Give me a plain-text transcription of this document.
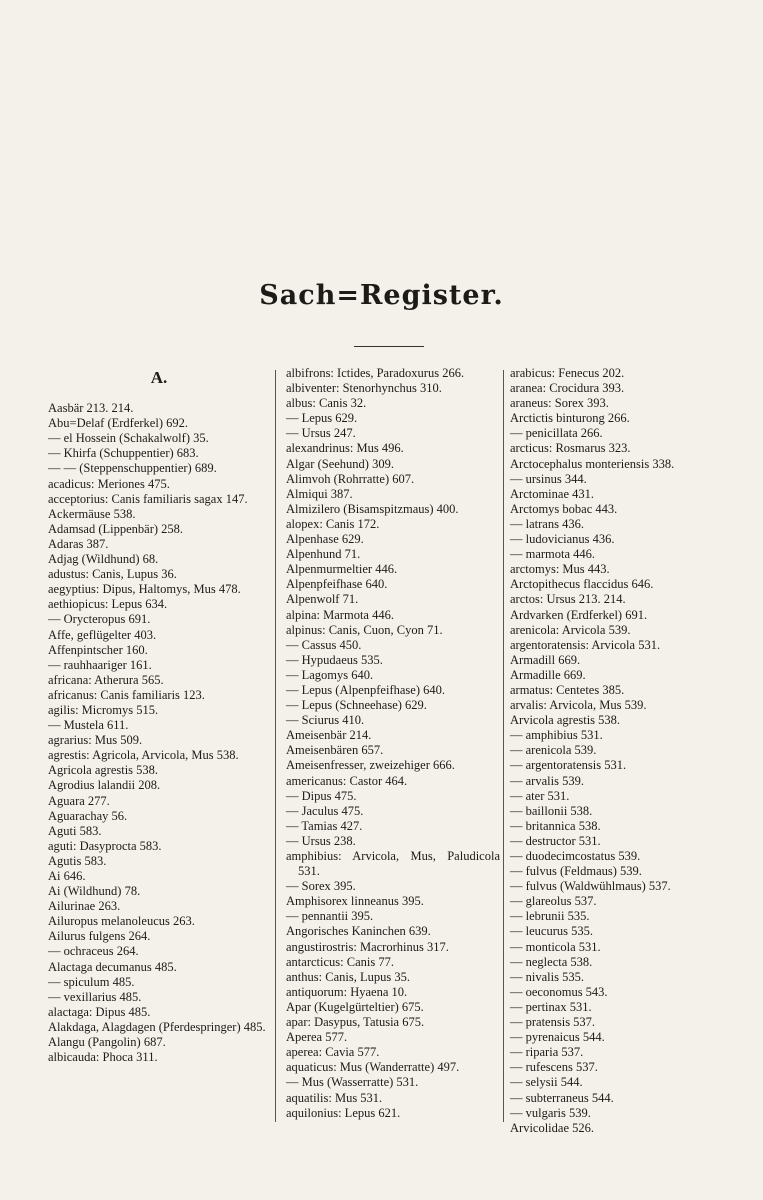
Sach=Register.
A.

Aasbär 213. 214.

Abu=Delaf (Erdferkel) 692.

— el Hossein (Schakalwolf) 35.

— Khirfa (Schuppentier) 683.

— — (Steppenschuppentier) 689.

acadicus: Meriones 475.

acceptorius: Canis familiaris sagax 147.

Ackermäuse 538.

Adamsad (Lippenbär) 258.

Adaras 387.

Adjag (Wildhund) 68.

adustus: Canis, Lupus 36.

aegyptius: Dipus, Haltomys, Mus 478.

aethiopicus: Lepus 634.

— Orycteropus 691.

Affe, geflügelter 403.

Affenpintscher 160.

— rauhhaariger 161.

africana: Atherura 565.

africanus: Canis familiaris 123.

agilis: Micromys 515.

— Mustela 611.

agrarius: Mus 509.

agrestis: Agricola, Arvicola, Mus 538.

Agricola agrestis 538.

Agrodius lalandii 208.

Aguara 277.

Aguarachay 56.

Aguti 583.

aguti: Dasyprocta 583.

Agutis 583.

Ai 646.

Ai (Wildhund) 78.

Ailurinae 263.

Ailuropus melanoleucus 263.

Ailurus fulgens 264.

— ochraceus 264.

Alactaga decumanus 485.

— spiculum 485.

— vexillarius 485.

alactaga: Dipus 485.

Alakdaga, Alagdagen (Pferdespringer) 485.

Alangu (Pangolin) 687.

albicauda: Phoca 311.

albifrons: Ictides, Paradoxurus 266.

albiventer: Stenorhynchus 310.

albus: Canis 32.

— Lepus 629.

— Ursus 247.

alexandrinus: Mus 496.

Algar (Seehund) 309.

Alimvoh (Rohrratte) 607.

Almiqui 387.

Almizilero (Bisamspitzmaus) 400.

alopex: Canis 172.

Alpenhase 629.

Alpenhund 71.

Alpenmurmeltier 446.

Alpenpfeifhase 640.

Alpenwolf 71.

alpina: Marmota 446.

alpinus: Canis, Cuon, Cyon 71.

— Cassus 450.

— Hypudaeus 535.

— Lagomys 640.

— Lepus (Alpenpfeifhase) 640.

— Lepus (Schneehase) 629.

— Sciurus 410.

Ameisenbär 214.

Ameisenbären 657.

Ameisenfresser, zweizehiger 666.

americanus: Castor 464.

— Dipus 475.

— Jaculus 475.

— Tamias 427.

— Ursus 238.

amphibius: Arvicola, Mus, Paludicola 531.

— Sorex 395.

Amphisorex linneanus 395.

— pennantii 395.

Angorisches Kaninchen 639.

angustirostris: Macrorhinus 317.

antarcticus: Canis 77.

anthus: Canis, Lupus 35.

antiquorum: Hyaena 10.

Apar (Kugelgürteltier) 675.

apar: Dasypus, Tatusia 675.

Aperea 577.

aperea: Cavia 577.

aquaticus: Mus (Wanderratte) 497.

— Mus (Wasserratte) 531.

aquatilis: Mus 531.

aquilonius: Lepus 621.

arabicus: Fenecus 202.

aranea: Crocidura 393.

araneus: Sorex 393.

Arctictis binturong 266.

— penicillata 266.

arcticus: Rosmarus 323.

Arctocephalus monteriensis 338.

— ursinus 344.

Arctominae 431.

Arctomys bobac 443.

— latrans 436.

— ludovicianus 436.

— marmota 446.

arctomys: Mus 443.

Arctopithecus flaccidus 646.

arctos: Ursus 213. 214.

Ardvarken (Erdferkel) 691.

arenicola: Arvicola 539.

argentoratensis: Arvicola 531.

Armadill 669.

Armadille 669.

armatus: Centetes 385.

arvalis: Arvicola, Mus 539.

Arvicola agrestis 538.

— amphibius 531.

— arenicola 539.

— argentoratensis 531.

— arvalis 539.

— ater 531.

— baillonii 538.

— britannica 538.

— destructor 531.

— duodecimcostatus 539.

— fulvus (Feldmaus) 539.

— fulvus (Waldwühlmaus) 537.

— glareolus 537.

— lebrunii 535.

— leucurus 535.

— monticola 531.

— neglecta 538.

— nivalis 535.

— oeconomus 543.

— pertinax 531.

— pratensis 537.

— pyrenaicus 544.

— riparia 537.

— rufescens 537.

— selysii 544.

— subterraneus 544.

— vulgaris 539.

Arvicolidae 526.
